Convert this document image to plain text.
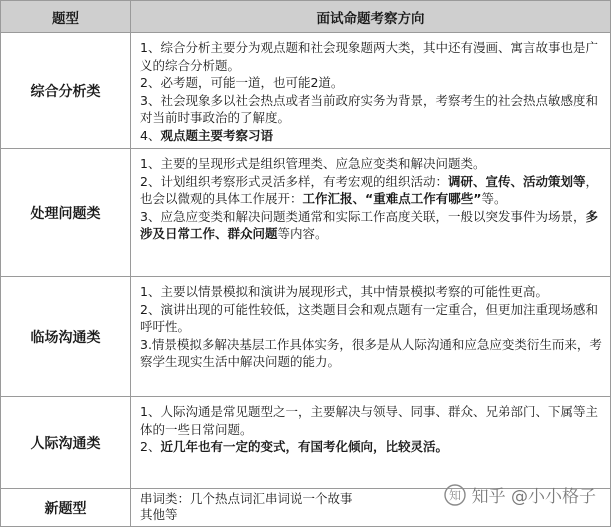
题型	面试命题考察方向
综合分析类	1、综合分析主要分为观点题和社会现象题两大类，其中还有漫画、寓言故事也是广义的综合分析题。

2、必考题，可能一道，也可能2道。

3、社会现象多以社会热点或者当前政府实务为背景，考察考生的社会热点敏感度和对当前时事政治的了解度。

4、观点题主要考察习语

处理问题类	1、主要的呈现形式是组织管理类、应急应变类和解决问题类。

2、计划组织考察形式灵活多样，有考宏观的组织活动：调研、宣传、活动策划等，也会以微观的具体工作展开：工作汇报、“重难点工作有哪些”等。

3、应急应变类和解决问题类通常和实际工作高度关联，一般以突发事件为场景，多涉及日常工作、群众问题等内容。

临场沟通类	1、主要以情景模拟和演讲为展现形式，其中情景模拟考察的可能性更高。

2、演讲出现的可能性较低，这类题目会和观点题有一定重合，但更加注重现场感和呼吁性。

3.情景模拟多解决基层工作具体实务，很多是从人际沟通和应急应变类衍生而来，考察学生现实生活中解决问题的能力。

人际沟通类	1、人际沟通是常见题型之一，主要解决与领导、同事、群众、兄弟部门、下属等主体的一些日常问题。

2、近几年也有一定的变式，有国考化倾向，比较灵活。

新题型	串词类：几个热点词汇串词说一个故事

其他等

知 知乎 @小小格子
